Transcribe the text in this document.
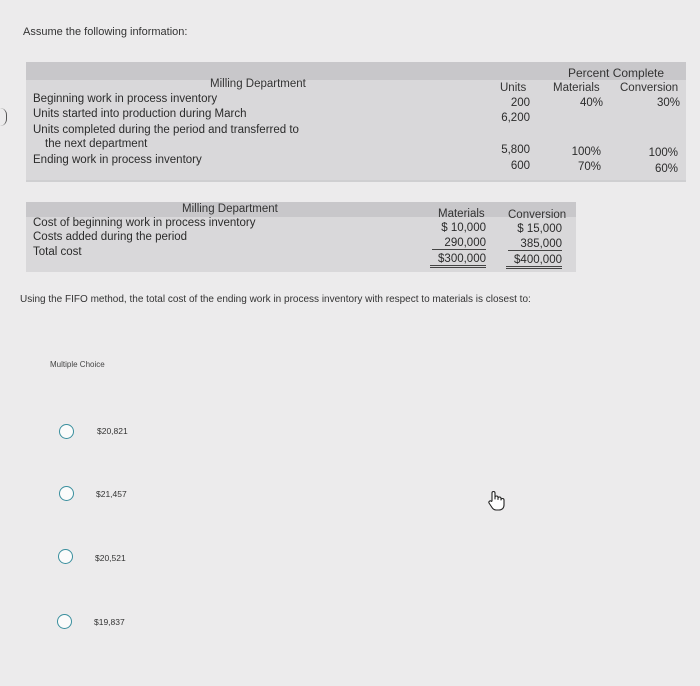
Assume the following information:
Milling Department
Percent Complete
Units Materials Conversion
Beginning work in process inventory
Units started into production during March
Units completed during the period and transferred to
the next department
Ending work in process inventory
200
6,200
5,800
600
40%
100%
70%
30%
100%
60%
Milling Department	Materials Conversion
Cost of beginning work in process inventory
Costs added during the period
Total cost
$ 10,000
290,000
$300,000
$ 15,000
385,000
$400,000
Using the FIFO method, the total cost of the ending work in process inventory with respect to materials is closest to:
Multiple Choice
$20,821
$21,457
$20,521
$19,837
